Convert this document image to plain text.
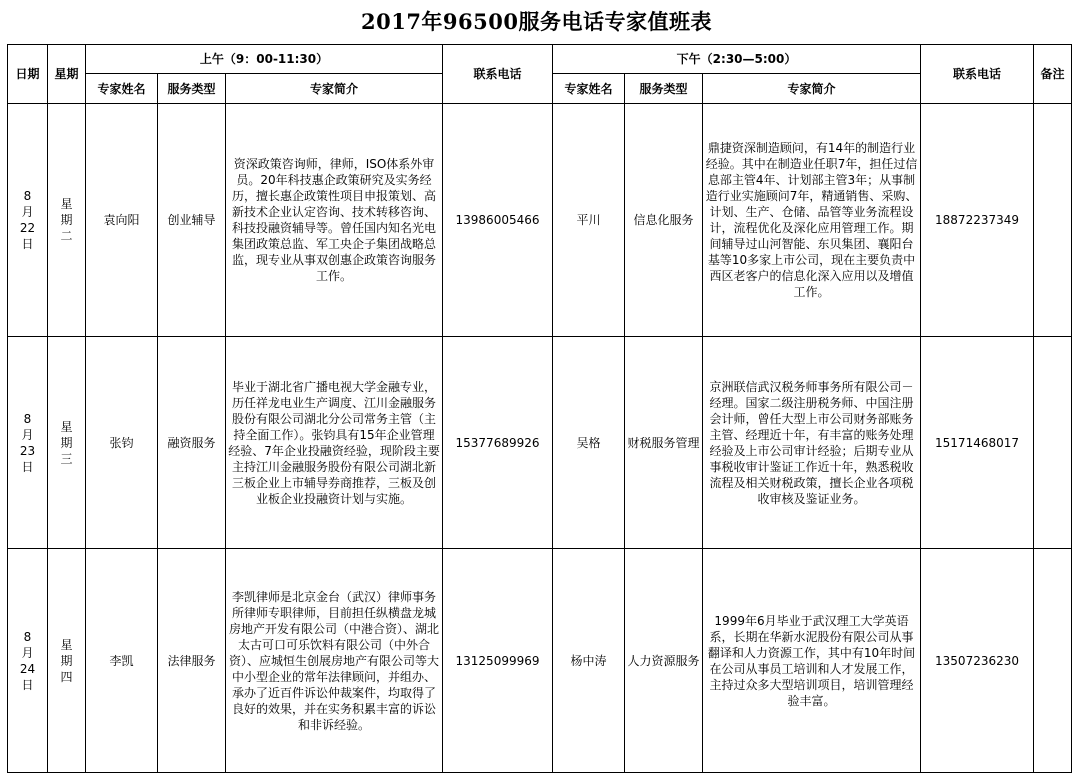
2017年96500服务电话专家值班表
日期	星期	上午（9：00-11:30）			联系电话	下午（2:30—5:00）			联系电话	备注
		专家姓名	服务类型	专家简介		专家姓名	服务类型	专家简介		

8
月
22
日	星
期
二	袁向阳	创业辅导	资深政策咨询师，律师，ISO体系外审员。20年科技惠企政策研究及实务经历，擅长惠企政策性项目申报策划、高新技术企业认定咨询、技术转移咨询、科技投融资辅导等。曾任国内知名光电集团政策总监、军工央企子集团战略总监，现专业从事双创惠企政策咨询服务工作。	13986005466	平川	信息化服务	鼎捷资深制造顾问，有14年的制造行业经验。其中在制造业任职7年，担任过信息部主管4年、计划部主管3年；从事制造行业实施顾问7年，精通销售、采购、计划、生产、仓储、品管等业务流程设计，流程优化及深化应用管理工作。期间辅导过山河智能、东贝集团、襄阳台基等10多家上市公司，现在主要负责中西区老客户的信息化深入应用以及增值工作。	18872237349	

8
月
23
日	星
期
三	张钧	融资服务	毕业于湖北省广播电视大学金融专业，历任祥龙电业生产调度、江川金融服务股份有限公司湖北分公司常务主管（主持全面工作）。张钧具有15年企业管理经验、7年企业投融资经验，现阶段主要主持江川金融服务股份有限公司湖北新三板企业上市辅导券商推荐，三板及创业板企业投融资计划与实施。	15377689926	吴格	财税服务管理	京洲联信武汉税务师事务所有限公司－经理。国家二级注册税务师、中国注册会计师，曾任大型上市公司财务部账务主管、经理近十年，有丰富的账务处理经验及上市公司审计经验；后期专业从事税收审计鉴证工作近十年，熟悉税收流程及相关财税政策，擅长企业各项税收审核及鉴证业务。	15171468017	

8
月
24
日	星
期
四	李凯	法律服务	李凯律师是北京金台（武汉）律师事务所律师专职律师，目前担任纵横盘龙城房地产开发有限公司（中港合资）、湖北太古可口可乐饮料有限公司（中外合资）、应城恒生创展房地产有限公司等大中小型企业的常年法律顾问，并组办、承办了近百件诉讼仲裁案件，均取得了良好的效果，并在实务积累丰富的诉讼和非诉经验。	13125099969	杨中涛	人力资源服务	1999年6月毕业于武汉理工大学英语系，长期在华新水泥股份有限公司从事翻译和人力资源工作，其中有10年时间在公司从事员工培训和人才发展工作，主持过众多大型培训项目，培训管理经验丰富。	13507236230	
